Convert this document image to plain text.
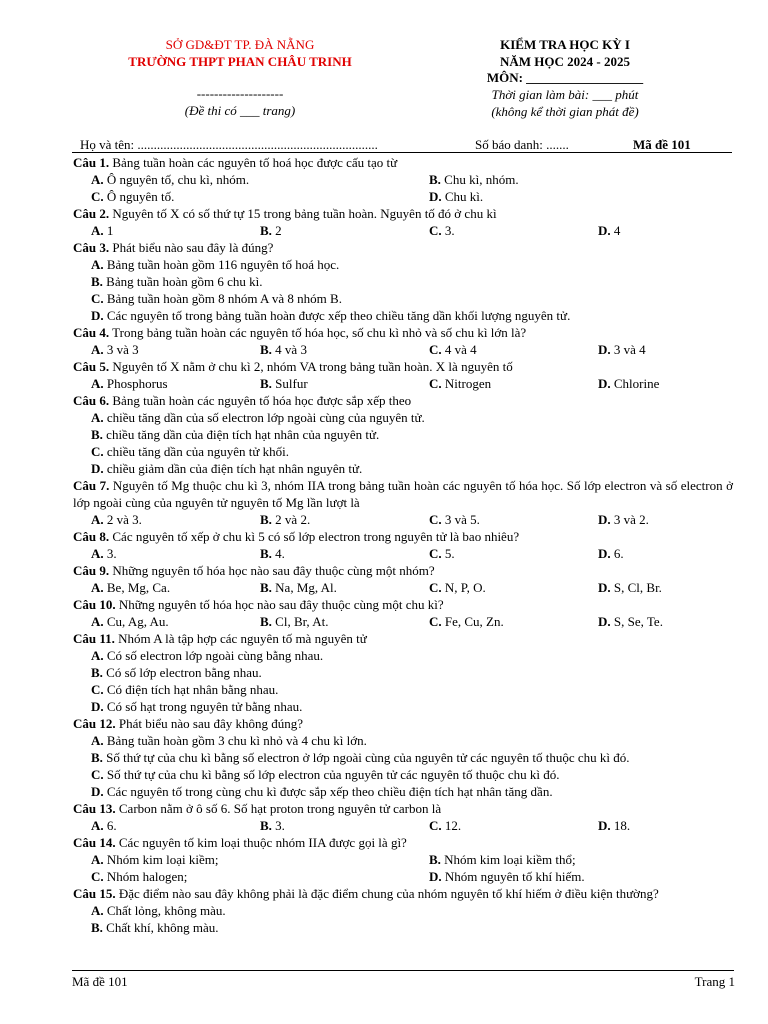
SỞ GD&ĐT TP. ĐÀ NẴNG
TRƯỜNG THPT PHAN CHÂU TRINH
--------------------
(Đề thi có ___ trang)
KIỂM TRA HỌC KỲ I
NĂM HỌC 2024 - 2025
MÔN: __________________
Thời gian làm bài: ___ phút
(không kể thời gian phát đề)
Họ và tên: ..........................................................................	Số báo danh: .......	Mã đề 101
Câu 1. Bảng tuần hoàn các nguyên tố hoá học được cấu tạo từ
A. Ô nguyên tố, chu kì, nhóm.	B. Chu kì, nhóm.
C. Ô nguyên tố.	D. Chu kì.
Câu 2. Nguyên tố X có số thứ tự 15 trong bảng tuần hoàn. Nguyên tố đó ở chu kì
A. 1	B. 2	C. 3.	D. 4
Câu 3. Phát biểu nào sau đây là đúng?
A. Bảng tuần hoàn gồm 116 nguyên tố hoá học.
B. Bảng tuần hoàn gồm 6 chu kì.
C. Bảng tuần hoàn gồm 8 nhóm A và 8 nhóm B.
D. Các nguyên tố trong bảng tuần hoàn được xếp theo chiều tăng dần khối lượng nguyên tử.
Câu 4. Trong bảng tuần hoàn các nguyên tố hóa học, số chu kì nhỏ và số chu kì lớn là?
A. 3 và 3	B. 4 và 3	C. 4 và 4	D. 3 và 4
Câu 5. Nguyên tố X nằm ở chu kì 2, nhóm VA trong bảng tuần hoàn. X là nguyên tố
A. Phosphorus	B. Sulfur	C. Nitrogen	D. Chlorine
Câu 6. Bảng tuần hoàn các nguyên tố hóa học được sắp xếp theo
A. chiều tăng dần của số electron lớp ngoài cùng của nguyên tử.
B. chiều tăng dần của điện tích hạt nhân của nguyên tử.
C. chiều tăng dần của nguyên tử khối.
D. chiều giảm dần của điện tích hạt nhân nguyên tử.
Câu 7. Nguyên tố Mg thuộc chu kì 3, nhóm IIA trong bảng tuần hoàn các nguyên tố hóa học. Số lớp electron và số electron ở lớp ngoài cùng của nguyên tử nguyên tố Mg lần lượt là
A. 2 và 3.	B. 2 và 2.	C. 3 và 5.	D. 3 và 2.
Câu 8. Các nguyên tố xếp ở chu kì 5 có số lớp electron trong nguyên tử là bao nhiêu?
A. 3.	B. 4.	C. 5.	D. 6.
Câu 9. Những nguyên tố hóa học nào sau đây thuộc cùng một nhóm?
A. Be, Mg, Ca.	B. Na, Mg, Al.	C. N, P, O.	D. S, Cl, Br.
Câu 10. Những nguyên tố hóa học nào sau đây thuộc cùng một chu kì?
A. Cu, Ag, Au.	B. Cl, Br, At.	C. Fe, Cu, Zn.	D. S, Se, Te.
Câu 11. Nhóm A là tập hợp các nguyên tố mà nguyên tử
A. Có số electron lớp ngoài cùng bằng nhau.
B. Có số lớp electron bằng nhau.
C. Có điện tích hạt nhân bằng nhau.
D. Có số hạt trong nguyên tử bằng nhau.
Câu 12. Phát biểu nào sau đây không đúng?
A. Bảng tuần hoàn gồm 3 chu kì nhỏ và 4 chu kì lớn.
B. Số thứ tự của chu kì bằng số electron ở lớp ngoài cùng của nguyên tử các nguyên tố thuộc chu kì đó.
C. Số thứ tự của chu kì bằng số lớp electron của nguyên tử các nguyên tố thuộc chu kì đó.
D. Các nguyên tố trong cùng chu kì được sắp xếp theo chiều điện tích hạt nhân tăng dần.
Câu 13. Carbon nằm ở ô số 6. Số hạt proton trong nguyên tử carbon là
A. 6.	B. 3.	C. 12.	D. 18.
Câu 14. Các nguyên tố kim loại thuộc nhóm IIA được gọi là gì?
A. Nhóm kim loại kiềm;	B. Nhóm kim loại kiềm thổ;
C. Nhóm halogen;	D. Nhóm nguyên tố khí hiếm.
Câu 15. Đặc điểm nào sau đây không phải là đặc điểm chung của nhóm nguyên tố khí hiếm ở điều kiện thường?
A. Chất lỏng, không màu.
B. Chất khí, không màu.
Mã đề 101	Trang 1
